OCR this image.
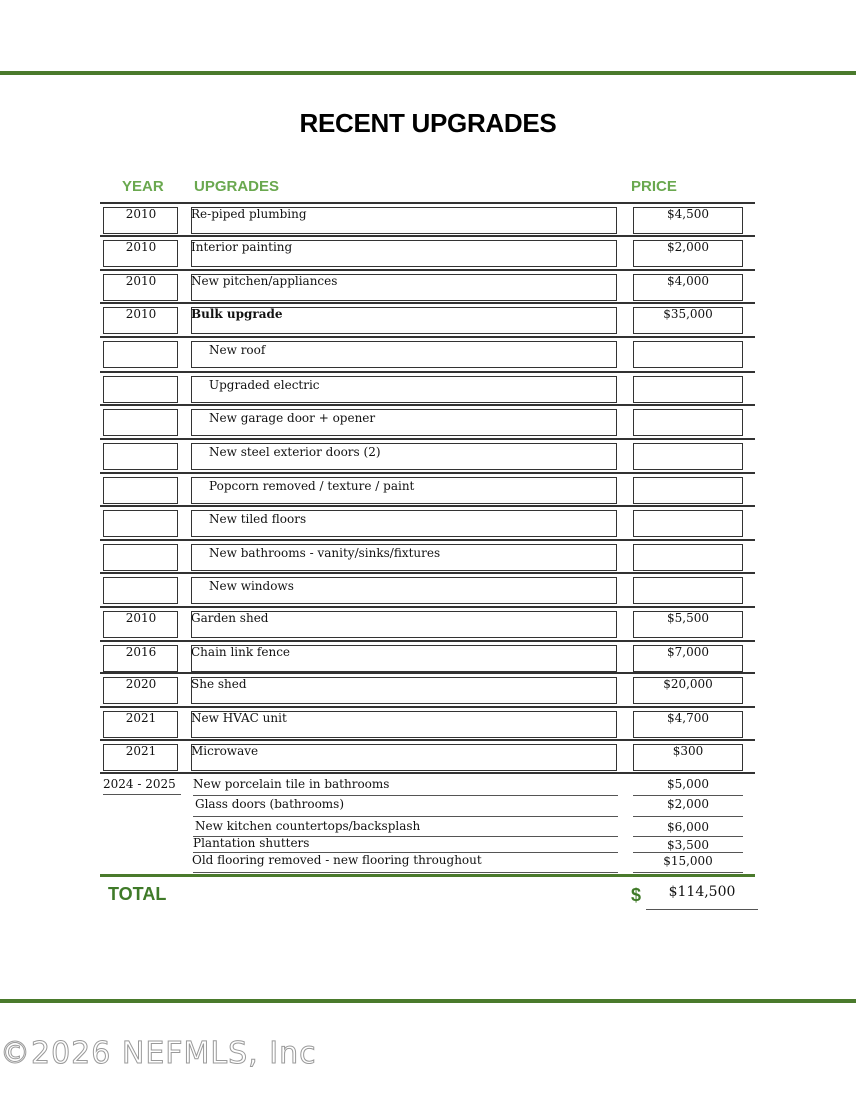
RECENT UPGRADES
YEAR UPGRADES	PRICE
2010	Re-piped plumbing	$4,500
2010	Interior painting	$2,000
2010	New pitchen/appliances	$4,000
2010	Bulk upgrade	$35,000
New roof
Upgraded electric
New garage door + opener
New steel exterior doors (2)
Popcorn removed / texture / paint
New tiled floors
New bathrooms - vanity/sinks/fixtures
New windows
2010	Garden shed	$5,500
2016	Chain link fence	$7,000
2020	She shed	$20,000
2021	New HVAC unit	$4,700
2021	Microwave	$300
2024 - 2025 New porcelain tile in bathrooms	$5,000
Glass doors (bathrooms)	$2,000
New kitchen countertops/backsplash	$6,000
Plantation shutters	$3,500
Old flooring removed - new flooring throughout	$15,000
TOTAL	$	$114,500
©2026 NEFMLS, Inc
